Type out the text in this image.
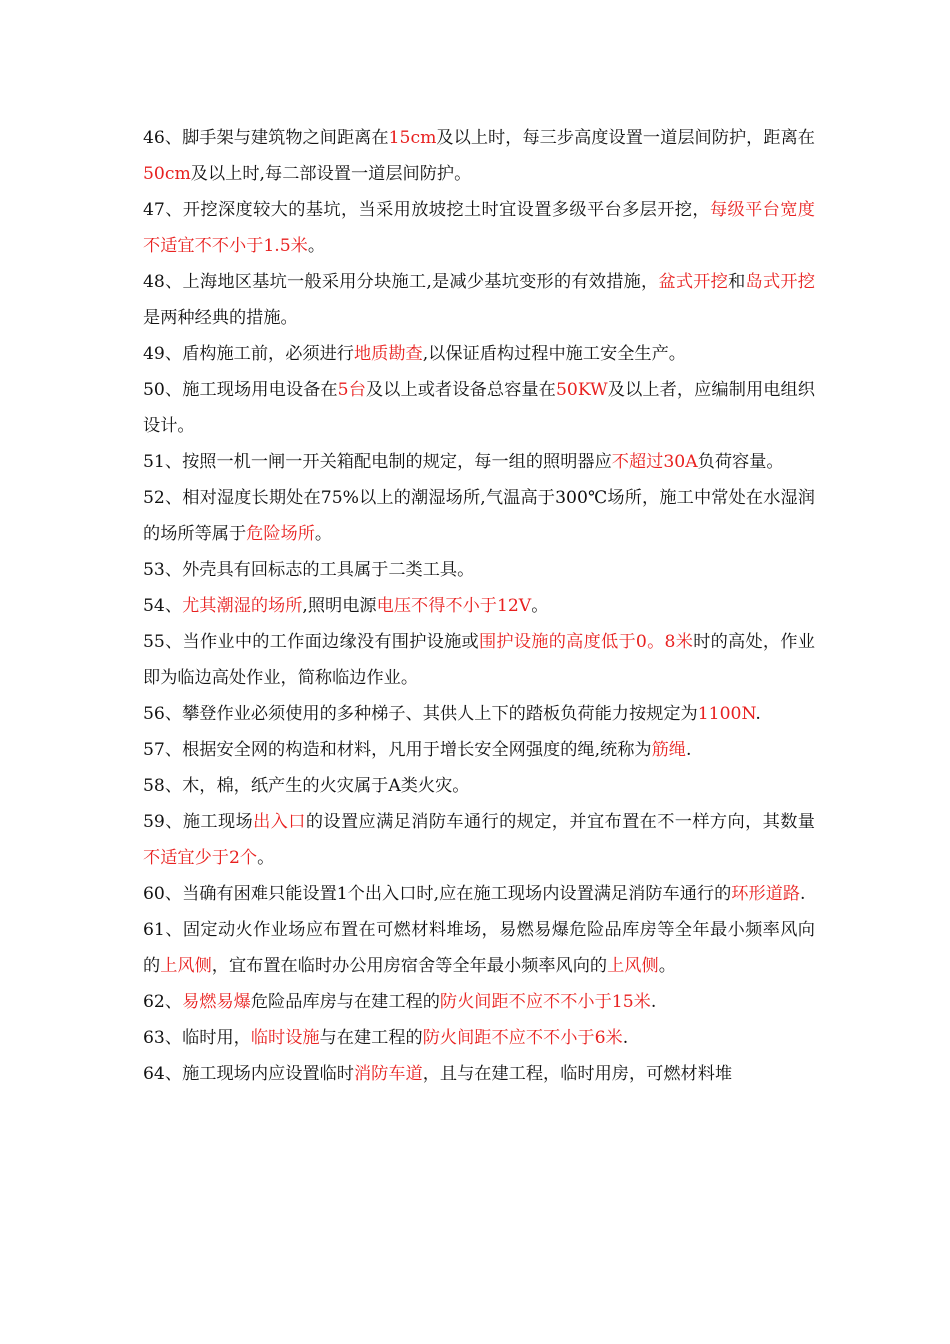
46、脚手架与建筑物之间距离在15cm及以上时，每三步高度设置一道层间防护，距离在50cm及以上时,每二部设置一道层间防护。

47、开挖深度较大的基坑，当采用放坡挖土时宜设置多级平台多层开挖，每级平台宽度不适宜不不小于1.5米。

48、上海地区基坑一般采用分块施工,是减少基坑变形的有效措施，盆式开挖和岛式开挖是两种经典的措施。

49、盾构施工前，必须进行地质勘查,以保证盾构过程中施工安全生产。

50、施工现场用电设备在5台及以上或者设备总容量在50KW及以上者，应编制用电组织设计。

51、按照一机一闸一开关箱配电制的规定，每一组的照明器应不超过30A负荷容量。

52、相对湿度长期处在75%以上的潮湿场所,气温高于300℃场所，施工中常处在水湿润的场所等属于危险场所。

53、外壳具有回标志的工具属于二类工具。

54、尤其潮湿的场所,照明电源电压不得不小于12V。

55、当作业中的工作面边缘没有围护设施或围护设施的高度低于0。8米时的高处，作业即为临边高处作业，简称临边作业。

56、攀登作业必须使用的多种梯子、其供人上下的踏板负荷能力按规定为1100N.

57、根据安全网的构造和材料，凡用于增长安全网强度的绳,统称为筋绳.

58、木，棉，纸产生的火灾属于A类火灾。

59、施工现场出入口的设置应满足消防车通行的规定，并宜布置在不一样方向，其数量不适宜少于2个。

60、当确有困难只能设置1个出入口时,应在施工现场内设置满足消防车通行的环形道路.

61、固定动火作业场应布置在可燃材料堆场，易燃易爆危险品库房等全年最小频率风向的上风侧，宜布置在临时办公用房宿舍等全年最小频率风向的上风侧。

62、易燃易爆危险品库房与在建工程的防火间距不应不不小于15米.

63、临时用，临时设施与在建工程的防火间距不应不不小于6米.

64、施工现场内应设置临时消防车道，且与在建工程，临时用房，可燃材料堆
